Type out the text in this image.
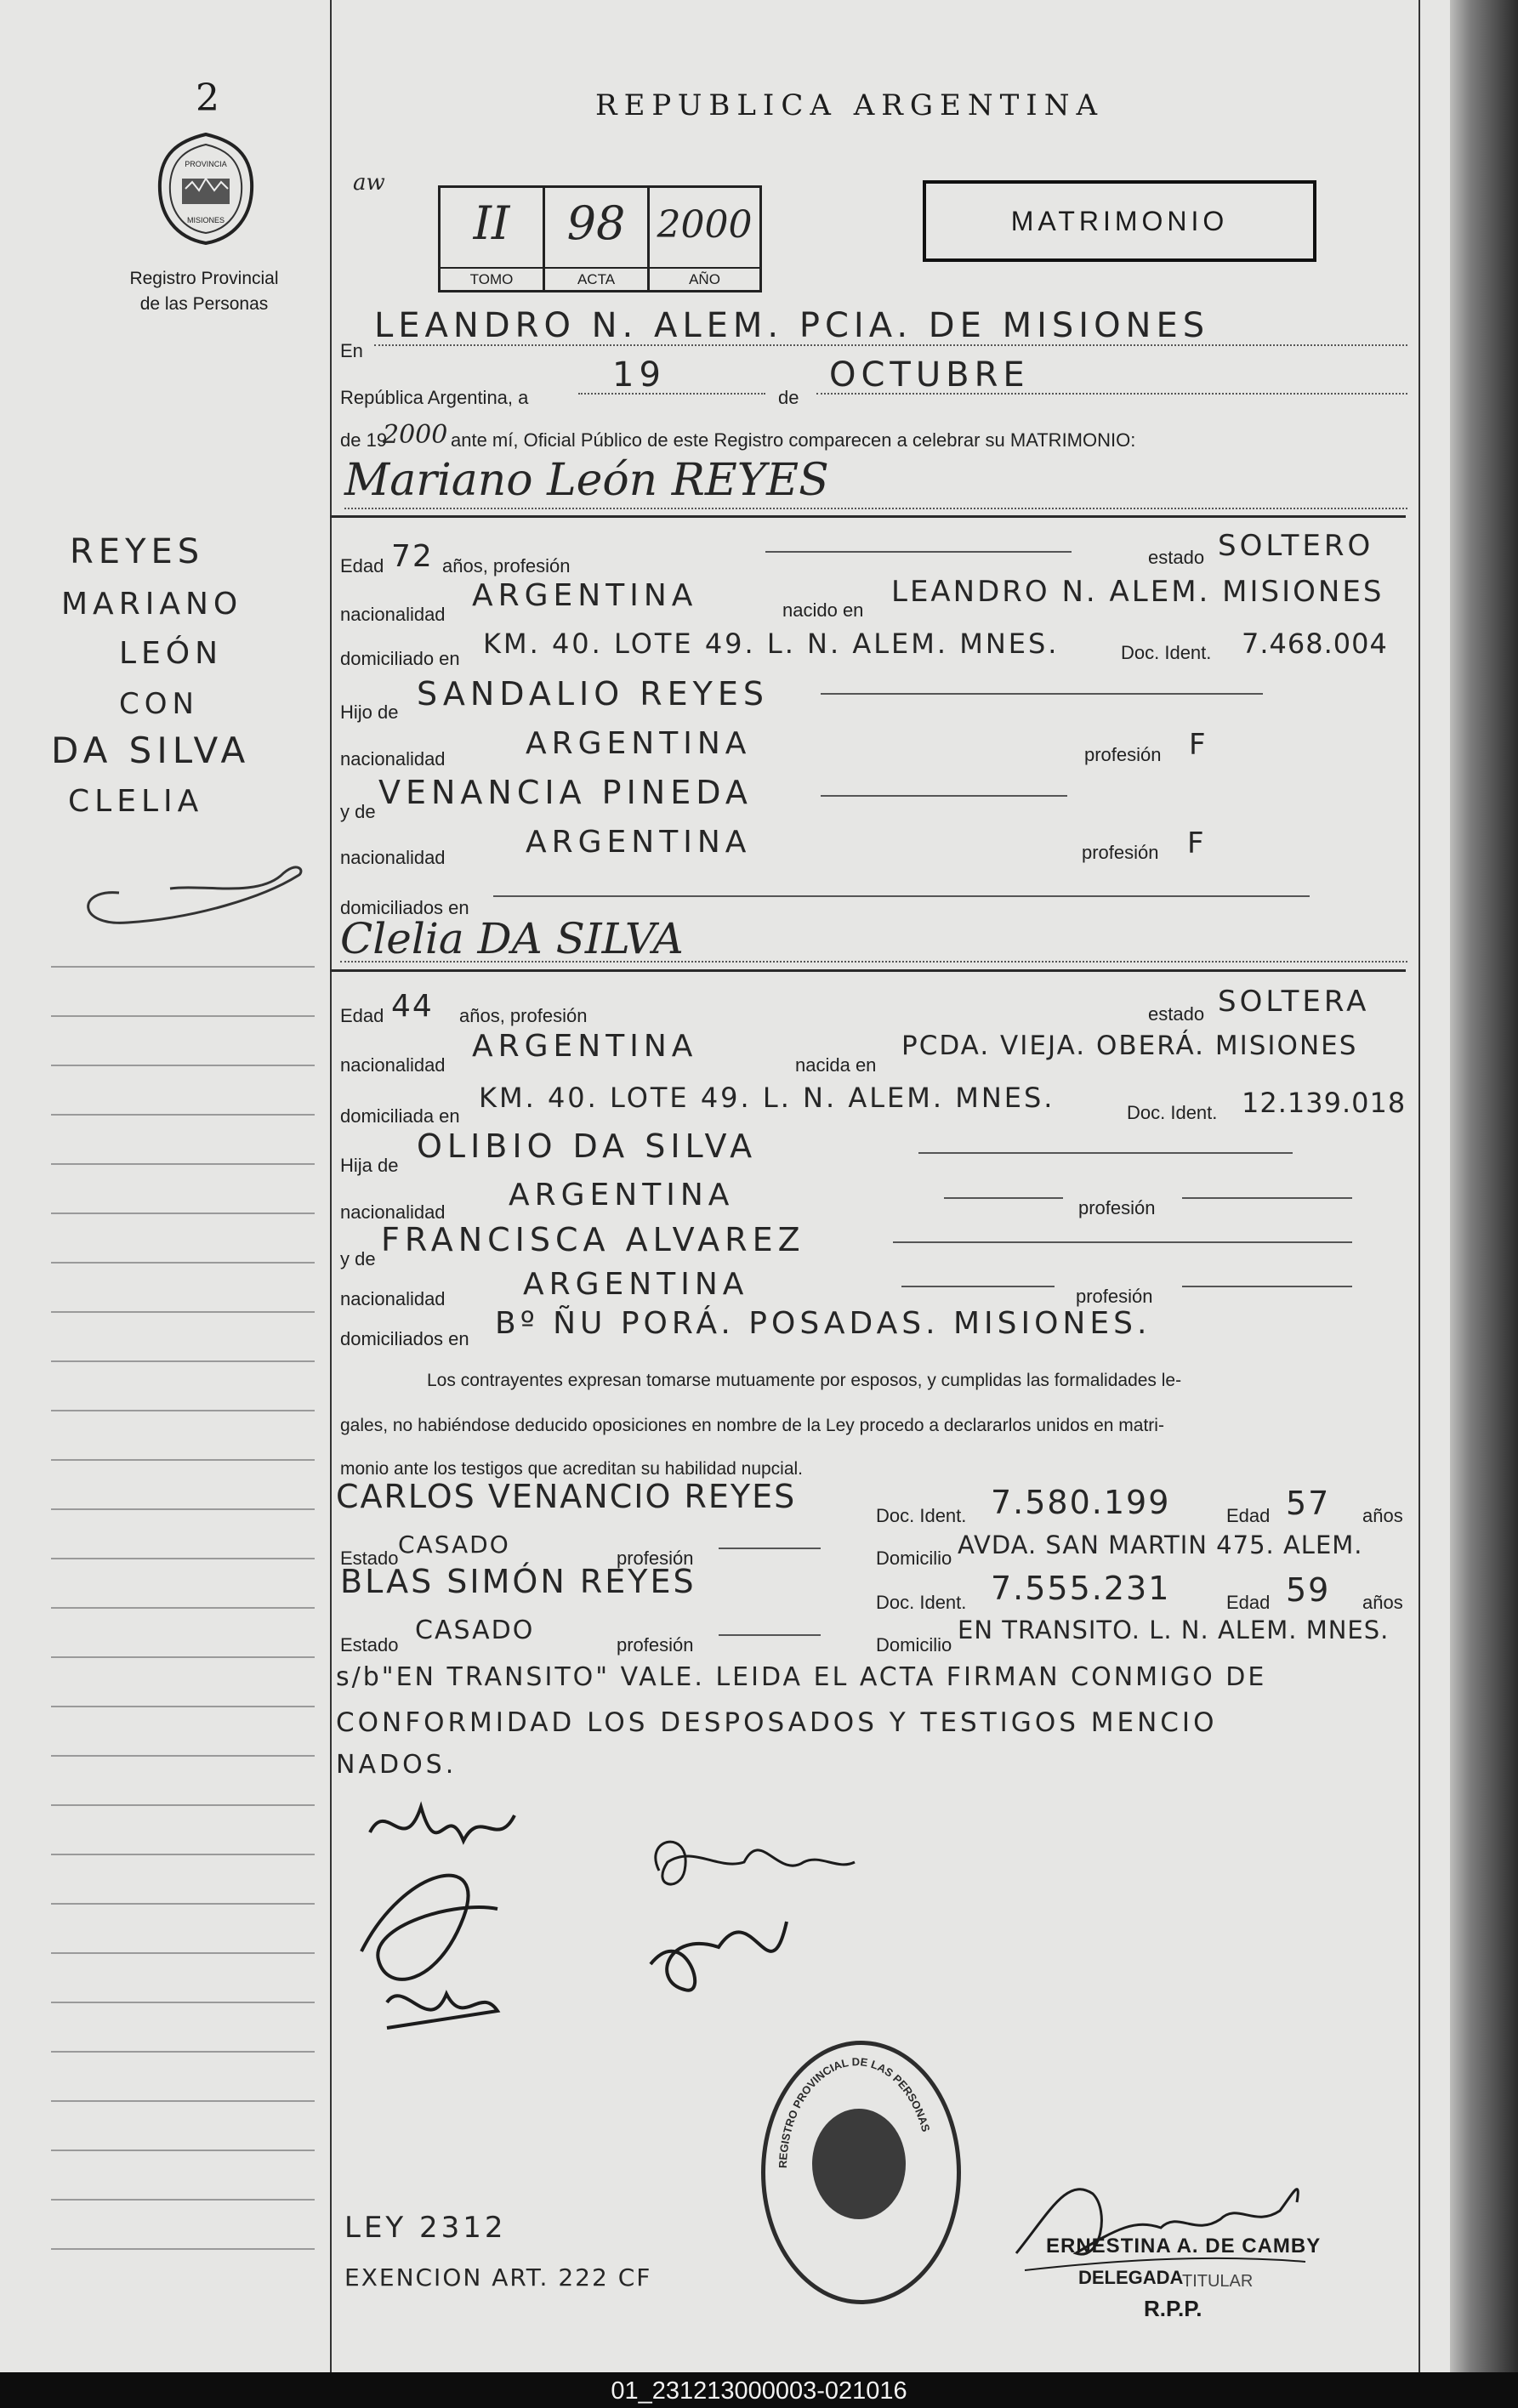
2
PROVINCIA
MISIONES
Registro Provincial
de las Personas
REYES
MARIANO
LEÓN
CON
DA SILVA
CLELIA
REPUBLICA ARGENTINA
aw
II
TOMO
98
ACTA
2000
AÑO
MATRIMONIO
En
LEANDRO N. ALEM. PCIA. DE MISIONES
República Argentina, a
19
de
OCTUBRE
de 19
2000 ante mí, Oficial Público de este Registro comparecen a celebrar su MATRIMONIO:
Mariano León REYES
Edad 72 años, profesión	estado SOLTERO
nacionalidad
ARGENTINA	nacido en
LEANDRO N. ALEM. MISIONES
domiciliado en KM. 40. LOTE 49. L. N. ALEM. MNES.	Doc. Ident. 7.468.004
Hijo de SANDALIO REYES
nacionalidad	ARGENTINA	profesión F
y de
VENANCIA PINEDA
nacionalidad	ARGENTINA	profesión F
domiciliados en
Clelia DA SILVA
Edad 44 años, profesión	estado SOLTERA
nacionalidad
ARGENTINA
nacida en
PCDA. VIEJA. OBERÁ. MISIONES
domiciliada en
KM. 40. LOTE 49. L. N. ALEM. MNES.	Doc. Ident. 12.139.018
Hija de
OLIBIO DA SILVA
nacionalidad ARGENTINA	profesión
y de
FRANCISCA ALVAREZ
nacionalidad	ARGENTINA	profesión
domiciliados en Bº ÑU PORÁ. POSADAS. MISIONES.
Los contrayentes expresan tomarse mutuamente por esposos, y cumplidas las formalidades le-
gales, no habiéndose deducido oposiciones en nombre de la Ley procedo a declararlos unidos en matri-
monio ante los testigos que acreditan su habilidad nupcial.
CARLOS VENANCIO REYES
Doc. Ident. 7.580.199	Edad 57 años
Estado CASADO	profesión	Domicilio AVDA. SAN MARTIN 475. ALEM.
BLAS SIMÓN REYES
Doc. Ident. 7.555.231	Edad 59 años
Estado CASADO	profesión	Domicilio
EN TRANSITO. L. N. ALEM. MNES.
s/b"EN TRANSITO" VALE. LEIDA EL ACTA FIRMAN CONMIGO DE
CONFORMIDAD LOS DESPOSADOS Y TESTIGOS MENCIO
NADOS.
REGISTRO PROVINCIAL DE LAS PERSONAS
ERNESTINA A. DE CAMBY
DELEGADA
TITULAR
R.P.P.
LEY 2312
EXENCION ART. 222 CF
01_231213000003-021016
